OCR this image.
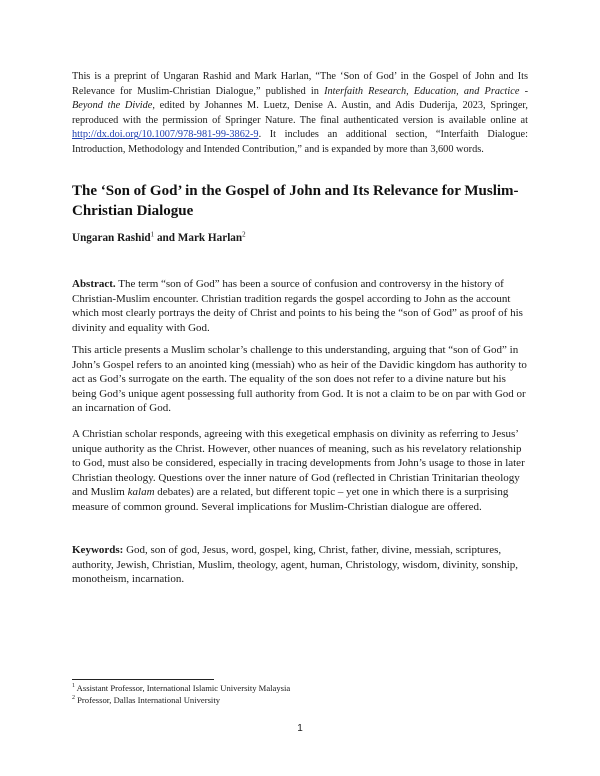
This is a preprint of Ungaran Rashid and Mark Harlan, “The ‘Son of God’ in the Gospel of John and Its Relevance for Muslim-Christian Dialogue,” published in Interfaith Research, Education, and Practice - Beyond the Divide, edited by Johannes M. Luetz, Denise A. Austin, and Adis Duderija, 2023, Springer, reproduced with the permission of Springer Nature. The final authenticated version is available online at http://dx.doi.org/10.1007/978-981-99-3862-9. It includes an additional section, “Interfaith Dialogue: Introduction, Methodology and Intended Contribution,” and is expanded by more than 3,600 words.

The ‘Son of God’ in the Gospel of John and Its Relevance for Muslim-Christian Dialogue
Ungaran Rashid$^1$ and Mark Harlan$^2$

Abstract. The term “son of God” has been a source of confusion and controversy in the history of Christian-Muslim encounter. Christian tradition regards the gospel according to John as the account which most clearly portrays the deity of Christ and points to his being the “son of God” as proof of his divinity and equality with God.

This article presents a Muslim scholar’s challenge to this understanding, arguing that “son of God” in John’s Gospel refers to an anointed king (messiah) who as heir of the Davidic kingdom has authority to act as God’s surrogate on the earth. The equality of the son does not refer to a divine nature but his being God’s unique agent possessing full authority from God. It is not a claim to be on par with God or an incarnation of God.

A Christian scholar responds, agreeing with this exegetical emphasis on divinity as referring to Jesus’ unique authority as the Christ. However, other nuances of meaning, such as his revelatory relationship to God, must also be considered, especially in tracing developments from John’s usage to those in later Christian theology. Questions over the inner nature of God (reflected in Christian Trinitarian theology and Muslim kalam debates) are a related, but different topic – yet one in which there is a surprising measure of common ground. Several implications for Muslim-Christian dialogue are offered.

Keywords: God, son of god, Jesus, word, gospel, king, Christ, father, divine, messiah, scriptures, authority, Jewish, Christian, Muslim, theology, agent, human, Christology, wisdom, divinity, sonship, monotheism, incarnation.

$^1$ Assistant Professor, International Islamic University Malaysia
$^2$ Professor, Dallas International University
1
